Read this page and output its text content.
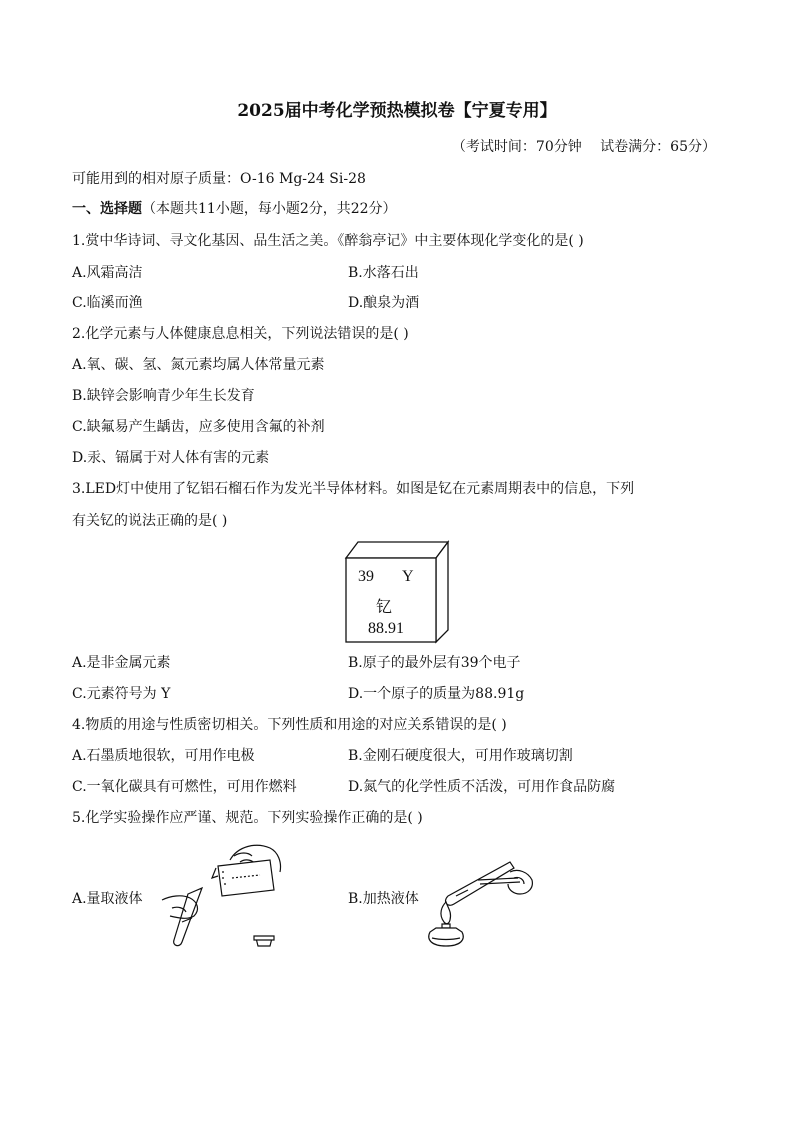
2025届中考化学预热模拟卷【宁夏专用】
（考试时间：70分钟　 试卷满分：65分）
可能用到的相对原子质量：O-16 Mg-24 Si-28
一、选择题（本题共11小题，每小题2分，共22分）
1.赏中华诗词、寻文化基因、品生活之美。《醉翁亭记》中主要体现化学变化的是( )
A.风霜高洁	B.水落石出
C.临溪而渔	D.酿泉为酒
2.化学元素与人体健康息息相关，下列说法错误的是( )
A.氧、碳、氢、氮元素均属人体常量元素
B.缺锌会影响青少年生长发育
C.缺氟易产生龋齿，应多使用含氟的补剂
D.汞、镉属于对人体有害的元素
3.LED灯中使用了钇铝石榴石作为发光半导体材料。如图是钇在元素周期表中的信息，下列
有关钇的说法正确的是( )
39 Y
钇
88.91
A.是非金属元素	B.原子的最外层有39个电子
C.元素符号为 Y	D.一个原子的质量为88.91g
4.物质的用途与性质密切相关。下列性质和用途的对应关系错误的是( )
A.石墨质地很软，可用作电极	B.金刚石硬度很大，可用作玻璃切割
C.一氧化碳具有可燃性，可用作燃料	D.氮气的化学性质不活泼，可用作食品防腐
5.化学实验操作应严谨、规范。下列实验操作正确的是( )
A.量取液体	B.加热液体
